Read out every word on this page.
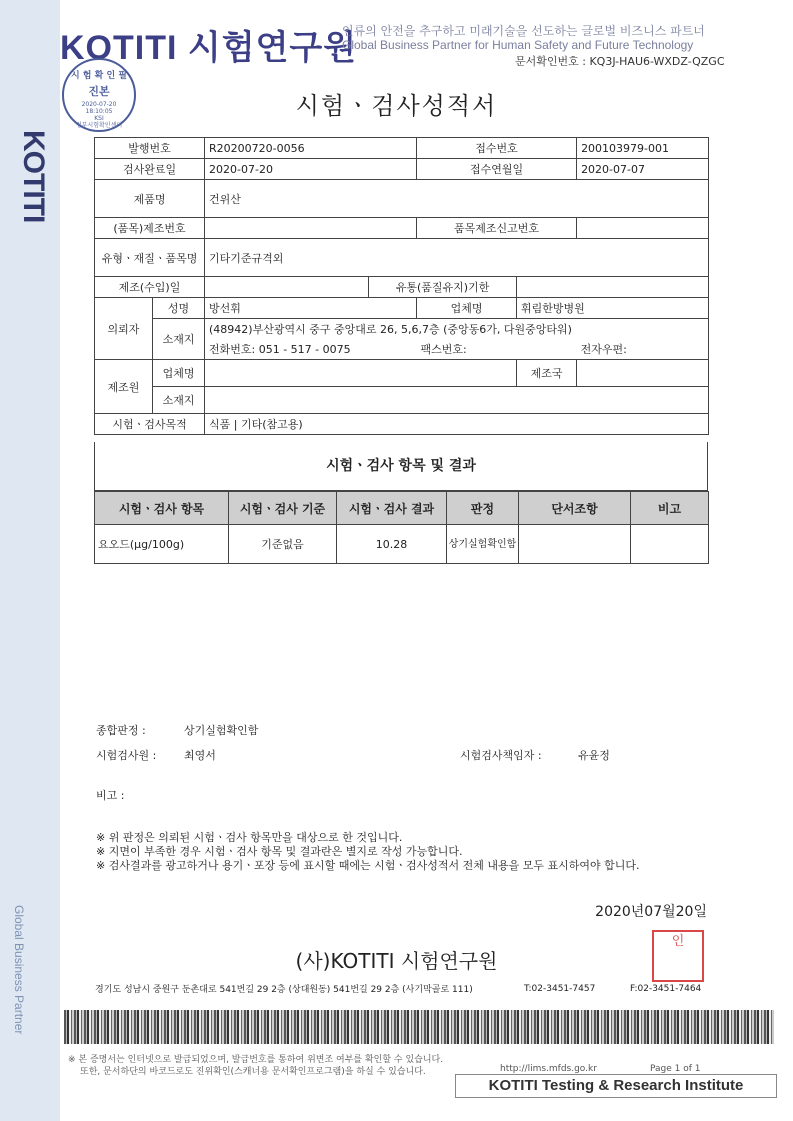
KOTITI
Global Business Partner
KOTITI 시험연구원
인류의 안전을 추구하고 미래기술을 선도하는 글로벌 비즈니스 파트너
Global Business Partner for Human Safety and Future Technology
문서확인번호 : KQ3J-HAU6-WXDZ-QZGC
시 험 확 인 필
진본
2020-07-20
18:10:05
KSI
정부시험확인센터
시험ㆍ검사성적서
발행번호		R20200720-0056		접수번호		200103979-001
검사완료일		2020-07-20		접수연월일		2020-07-07
제품명		건위산				
(품목)제조번호				품목제조신고번호		
유형ㆍ재질ㆍ품목명		기타기준규격외				
제조(수입)일			유통(품질유지)기한			
의뢰자	성명	방선휘		업체명	휘림한방병원	
	소재지	(48942)부산광역시 중구 중앙대로 26, 5,6,7층 (중앙동6가, 다원중앙타워)				
		전화번호: 051 - 517 - 0075		팩스번호:		전자우편:
제조원	업체명				제조국	
	소재지					
시험ㆍ검사목적		식품 | 기타(참고용)				
시험ㆍ검사 항목 및 결과
시험ㆍ검사 항목	시험ㆍ검사 기준	시험ㆍ검사 결과	판정	단서조항	비고
요오드(μg/100g)	기준없음	10.28	상기실험확인함		
종합판정 :	상기실험확인함
시험검사원 :	최영서	시험검사책임자 :	유윤정
비고 :
※ 위 판정은 의뢰된 시험ㆍ검사 항목만을 대상으로 한 것입니다.
※ 지면이 부족한 경우 시험ㆍ검사 항목 및 결과란은 별지로 작성 가능합니다.
※ 검사결과를 광고하거나 용기ㆍ포장 등에 표시할 때에는 시험ㆍ검사성적서 전체 내용을 모두 표시하여야 합니다.
2020년07월20일
(사)KOTITI 시험연구원
인
경기도 성남시 중원구 둔촌대로 541번길 29 2층 (상대원동) 541번길 29 2층 (사기막골로 111)	T:02-3451-7457	F:02-3451-7464
※ 본 증명서는 인터넷으로 발급되었으며, 발급번호를 통하여 위변조 여부를 확인할 수 있습니다.
또한, 문서하단의 바코드로도 진위확인(스캐너용 문서확인프로그램)을 하실 수 있습니다.	http://lims.mfds.go.kr	Page 1 of 1
KOTITI Testing & Research Institute
